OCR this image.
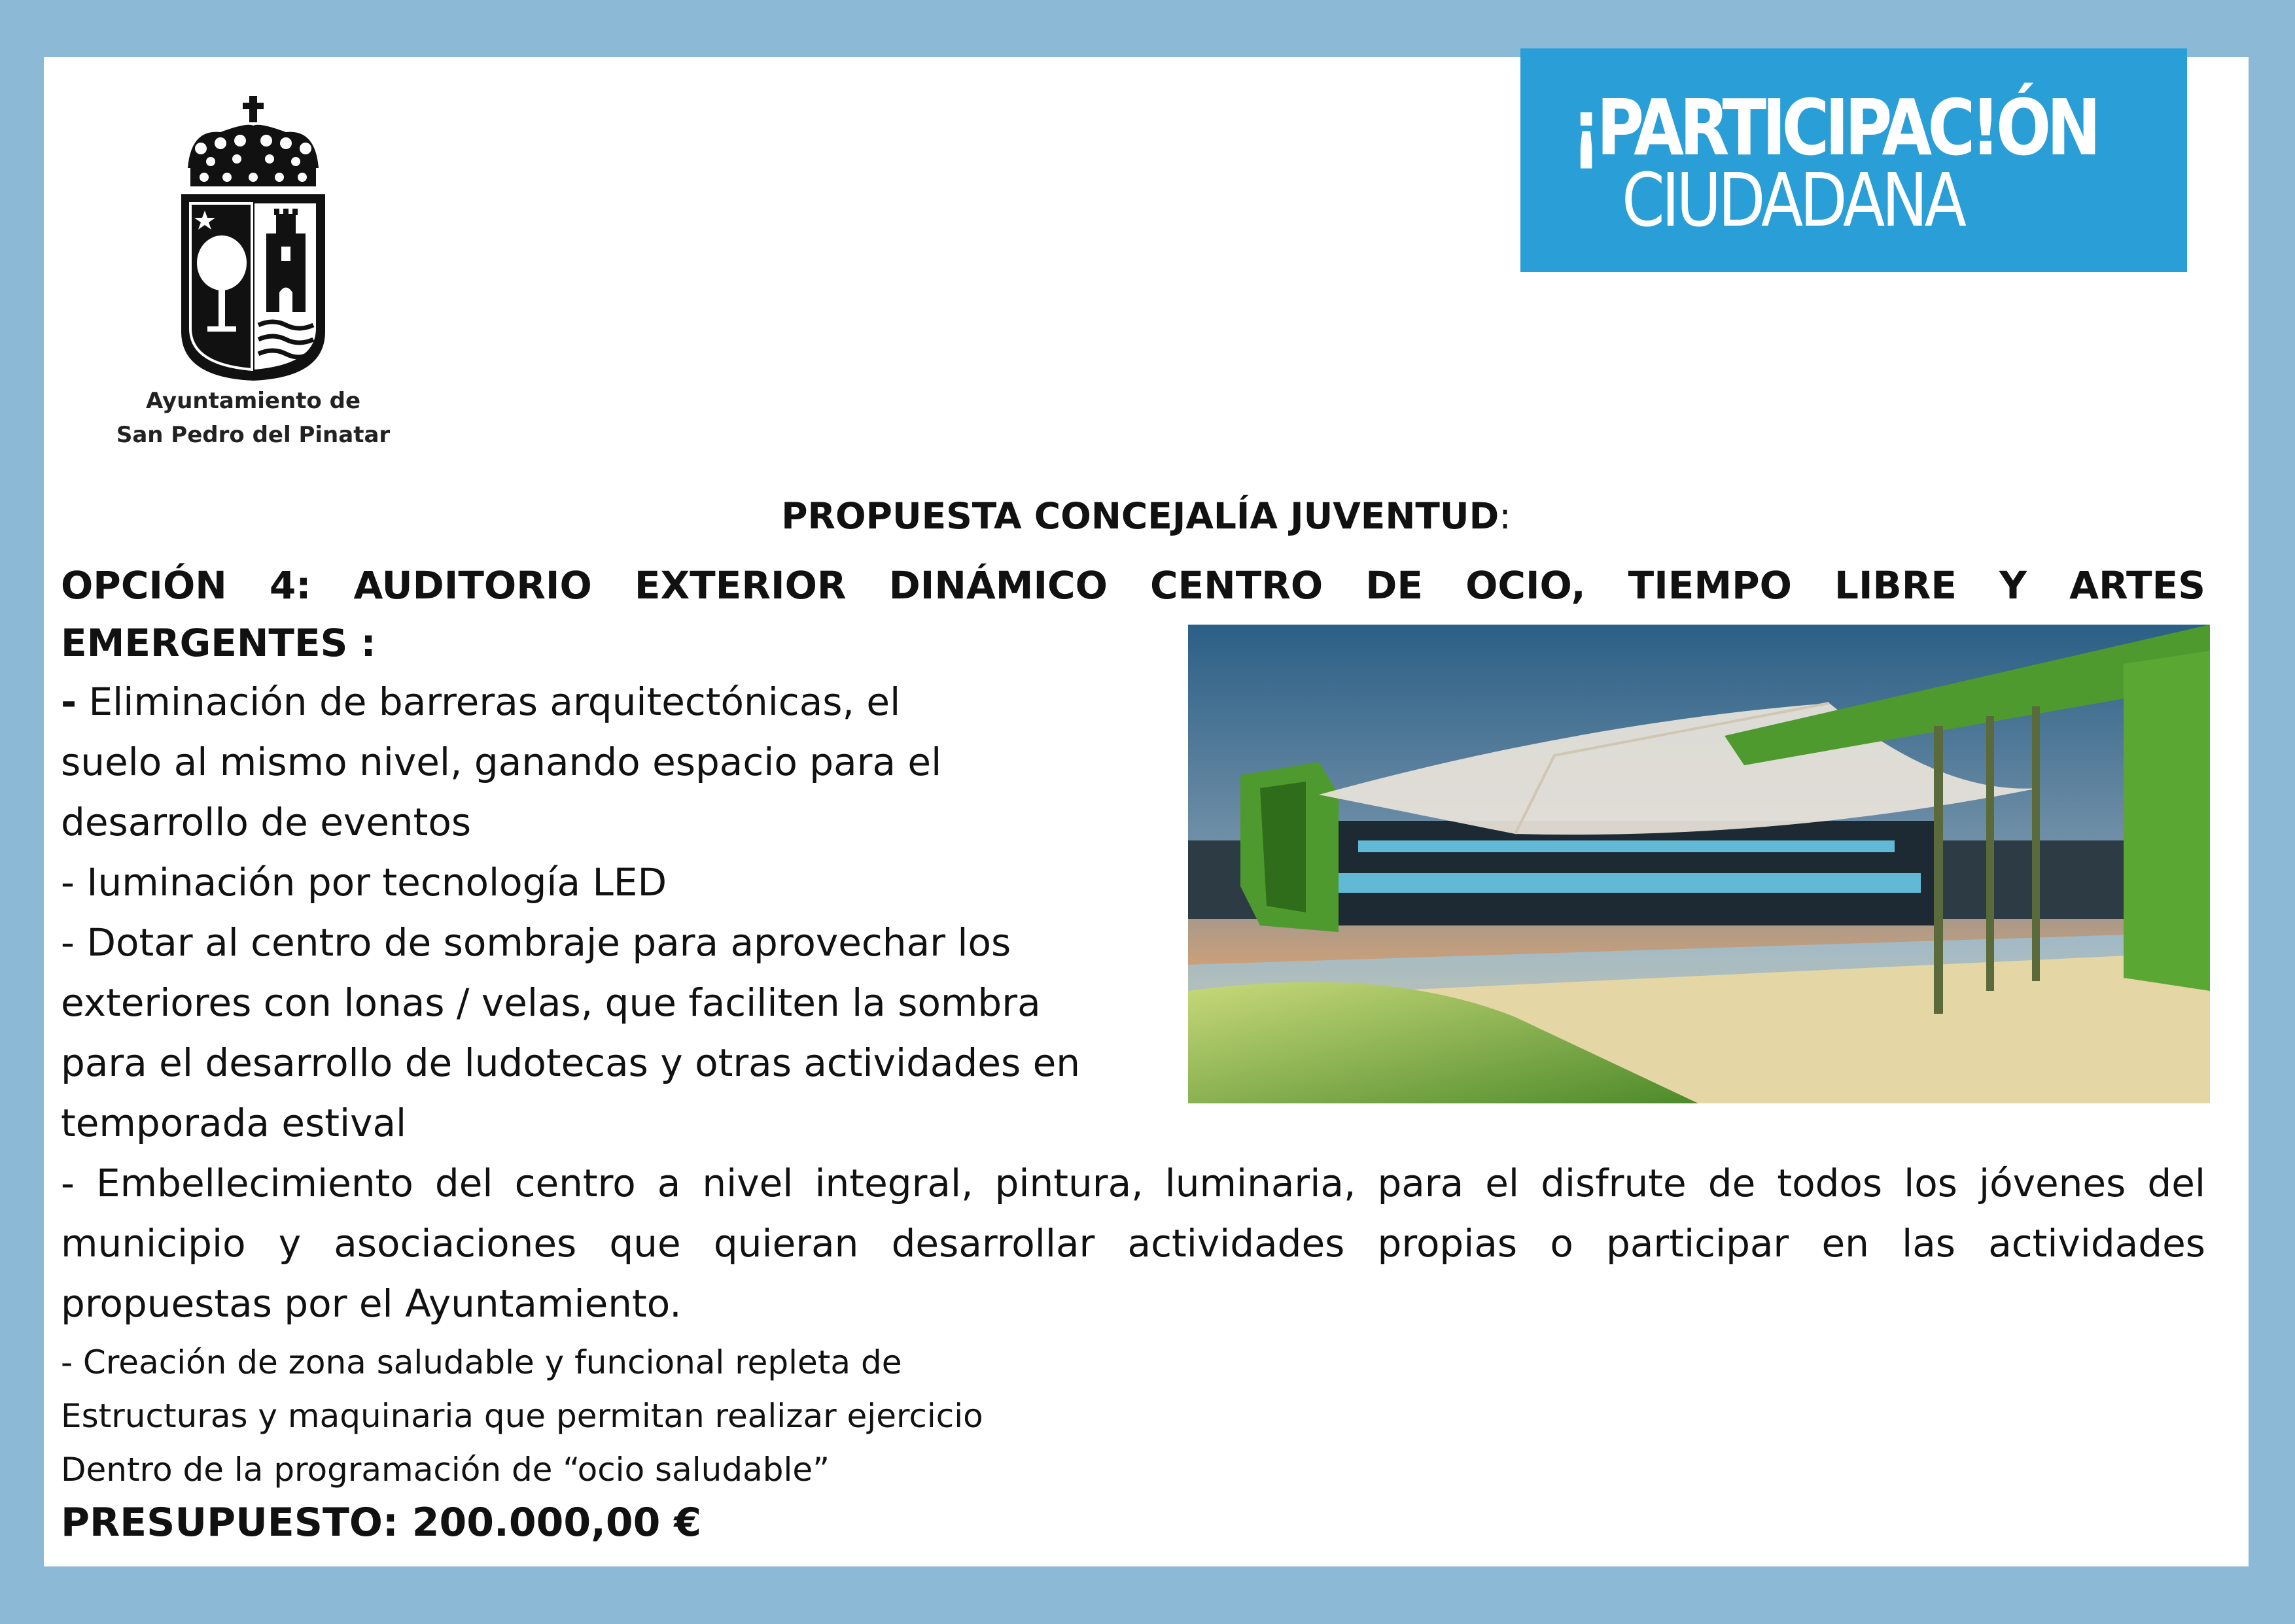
Ayuntamiento de
San Pedro del Pinatar
¡PARTICIPAC!ÓN
CIUDADANA
PROPUESTA CONCEJALÍA JUVENTUD:
OPCIÓN 4: AUDITORIO EXTERIOR DINÁMICO CENTRO DE OCIO, TIEMPO LIBRE Y ARTES
EMERGENTES :

- Eliminación de barreras arquitectónicas, el

suelo al mismo nivel, ganando espacio para el

desarrollo de eventos

- Iuminación por tecnología LED

- Dotar al centro de sombraje para aprovechar los

exteriores con lonas / velas, que faciliten la sombra

para el desarrollo de ludotecas y otras actividades en

temporada estival

- Embellecimiento del centro a nivel integral, pintura, luminaria, para el disfrute de todos los jóvenes del

municipio y asociaciones que quieran desarrollar actividades propias o participar en las actividades

propuestas por el Ayuntamiento.

- Creación de zona saludable y funcional repleta de

Estructuras y maquinaria que permitan realizar ejercicio

Dentro de la programación de “ocio saludable”

PRESUPUESTO: 200.000,00 €
